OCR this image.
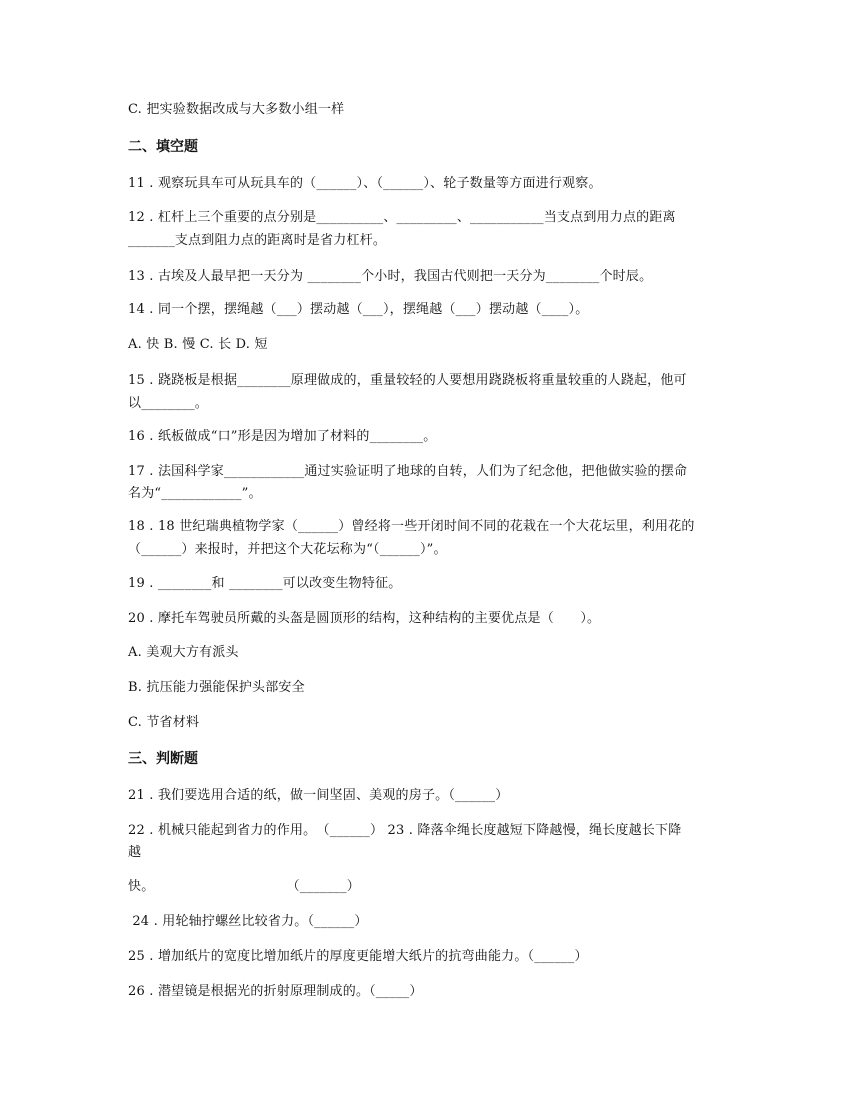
C. 把实验数据改成与大多数小组一样
二、填空题
11 . 观察玩具车可从玩具车的（______）、（______）、轮子数量等方面进行观察。
12 . 杠杆上三个重要的点分别是__________、_________、___________当支点到用力点的距离
_______支点到阻力点的距离时是省力杠杆。
13 . 古埃及人最早把一天分为 ________个小时，我国古代则把一天分为________个时辰。
14 . 同一个摆，摆绳越（___）摆动越（___），摆绳越（___）摆动越（____）。
A. 快 B. 慢 C. 长 D. 短
15 . 跷跷板是根据________原理做成的，重量较轻的人要想用跷跷板将重量较重的人跷起，他可
以________。
16 . 纸板做成“口”形是因为增加了材料的________。
17 . 法国科学家____________通过实验证明了地球的自转，人们为了纪念他，把他做实验的摆命
名为“____________”。
18 . 18 世纪瑞典植物学家（______）曾经将一些开闭时间不同的花栽在一个大花坛里，利用花的
（______）来报时，并把这个大花坛称为“（______）”。
19 . ________和 ________可以改变生物特征。
20 . 摩托车驾驶员所戴的头盔是圆顶形的结构，这种结构的主要优点是（　　）。
A. 美观大方有派头
B. 抗压能力强能保护头部安全
C. 节省材料
三、判断题
21 . 我们要选用合适的纸，做一间坚固、美观的房子。（______）
22 . 机械只能起到省力的作用。　（______） 23 . 降落伞绳长度越短下降越慢，绳长度越长下降
越
快。　　　　　　　　　　　（_______）
24 . 用轮轴拧螺丝比较省力。（______）
25 . 增加纸片的宽度比增加纸片的厚度更能增大纸片的抗弯曲能力。（______）
26 . 潜望镜是根据光的折射原理制成的。（_____）
